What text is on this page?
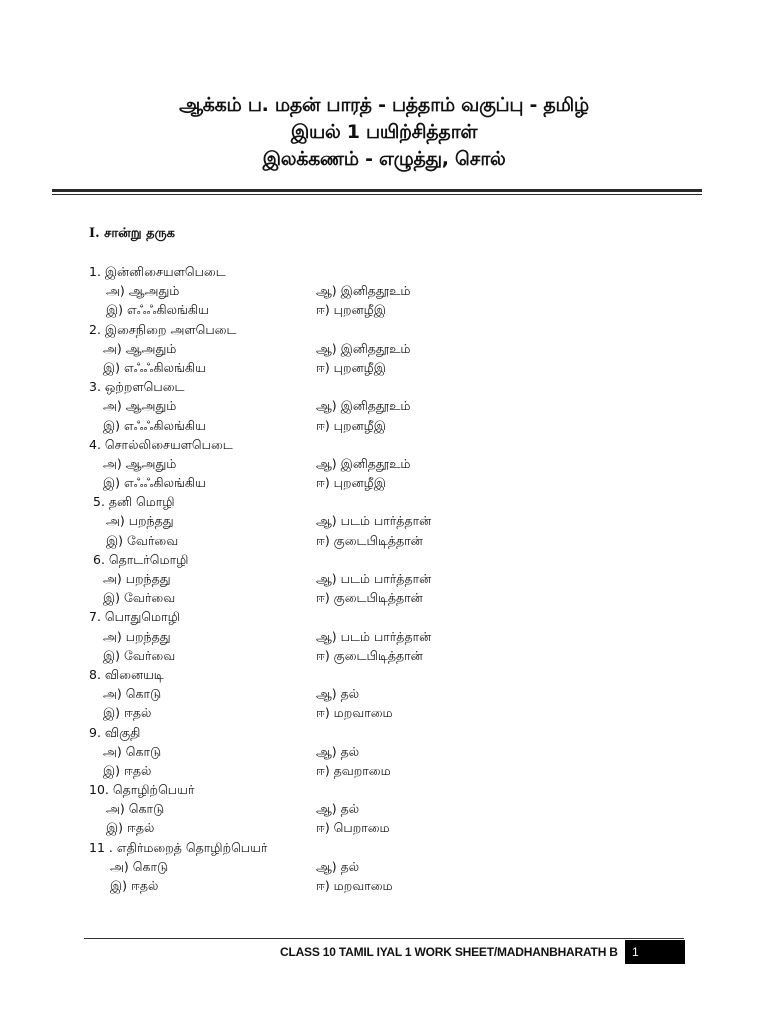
ஆக்கம் ப. மதன் பாரத் - பத்தாம் வகுப்பு - தமிழ்
இயல் 1 பயிற்சித்தாள்
இலக்கணம் - எழுத்து, சொல்
I. சான்று தருக
1. இன்னிசையளபெடை
அ) ஆஅதும்	ஆ) இனிததூஉம்
இ) எஃஃகிலங்கிய	ஈ) புறனழீஇ
2. இசைநிறை அளபெடை
அ) ஆஅதும்	ஆ) இனிததூஉம்
இ) எஃஃகிலங்கிய	ஈ) புறனழீஇ
3. ஒற்றளபெடை
அ) ஆஅதும்	ஆ) இனிததூஉம்
இ) எஃஃகிலங்கிய	ஈ) புறனழீஇ
4. சொல்லிசையளபெடை
அ) ஆஅதும்	ஆ) இனிததூஉம்
இ) எஃஃகிலங்கிய	ஈ) புறனழீஇ
5. தனி மொழி
அ) பறந்தது	ஆ) படம் பார்த்தான்
இ) வேர்வை	ஈ) குடைபிடித்தான்
6. தொடர்மொழி
அ) பறந்தது	ஆ) படம் பார்த்தான்
இ) வேர்வை	ஈ) குடைபிடித்தான்
7. பொதுமொழி
அ) பறந்தது	ஆ) படம் பார்த்தான்
இ) வேர்வை	ஈ) குடைபிடித்தான்
8. வினையடி
அ) கொடு	ஆ) தல்
இ) ஈதல்	ஈ) மறவாமை
9. விகுதி
அ) கொடு	ஆ) தல்
இ) ஈதல்	ஈ) தவறாமை
10. தொழிற்பெயர்
அ) கொடு	ஆ) தல்
இ) ஈதல்	ஈ) பெறாமை
11 . எதிர்மறைத் தொழிற்பெயர்
அ) கொடு	ஆ) தல்
இ) ஈதல்	ஈ) மறவாமை
CLASS 10 TAMIL IYAL 1 WORK SHEET/MADHANBHARATH B	1
